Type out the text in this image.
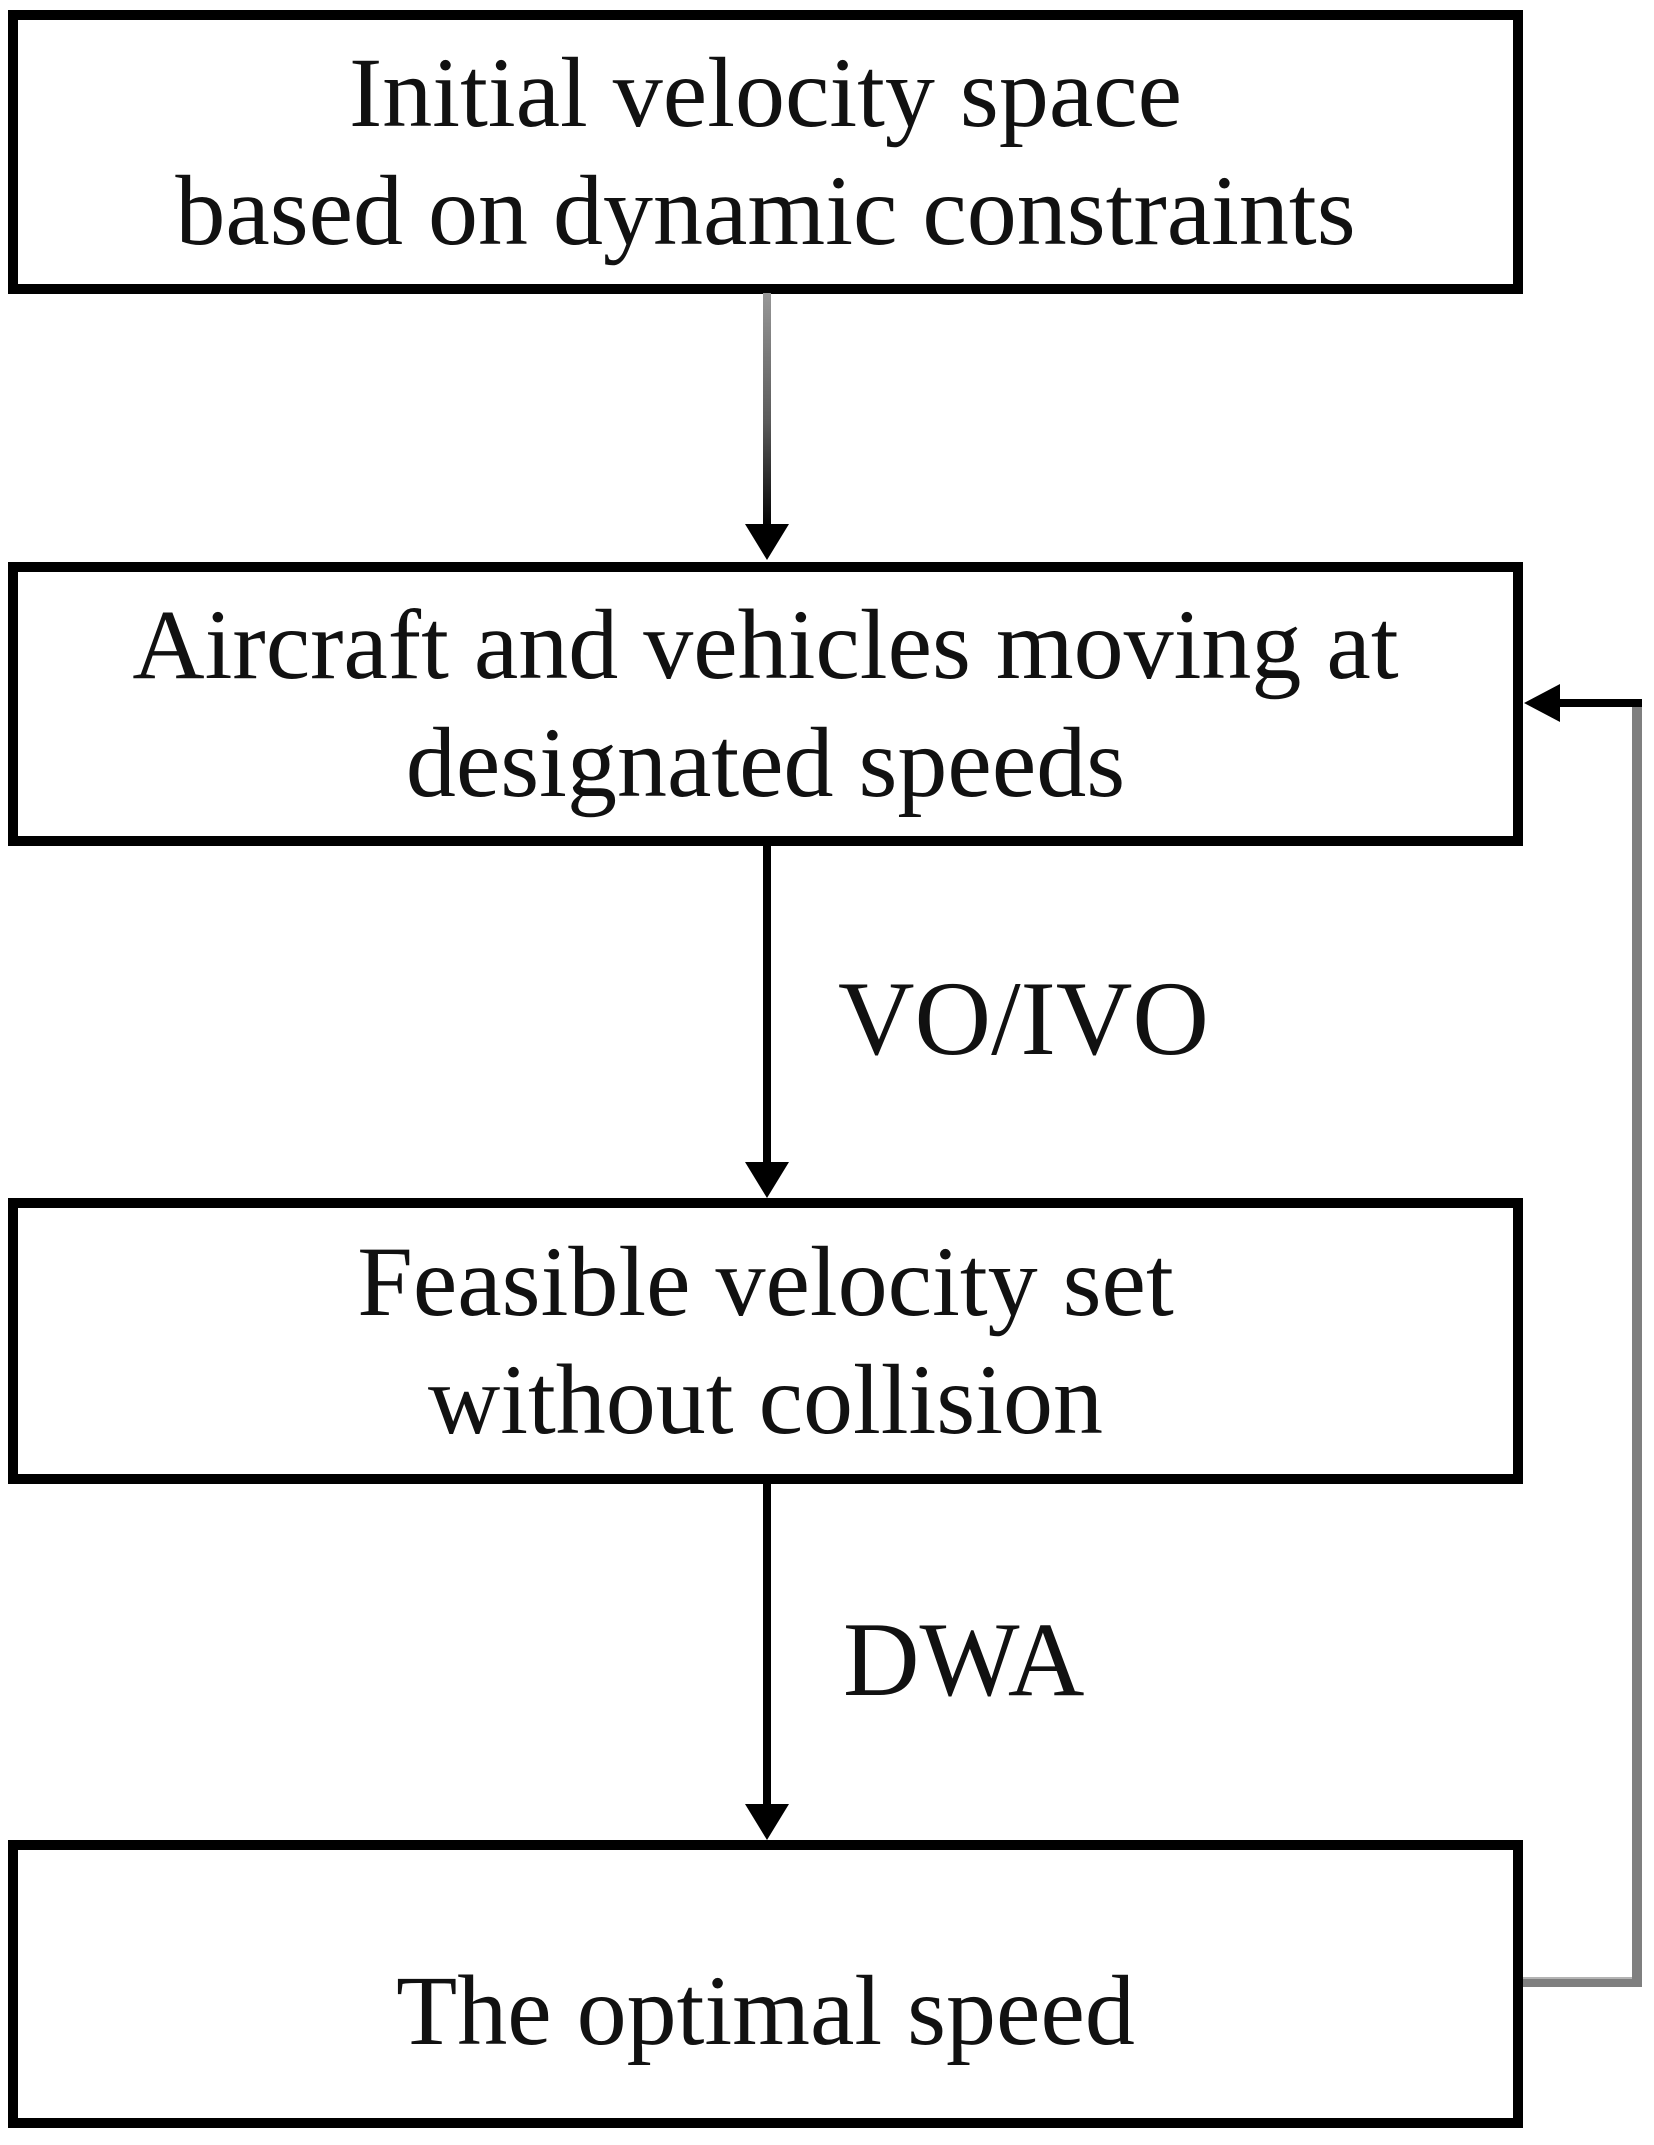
Initial velocity space
based on dynamic constraints
Aircraft and vehicles moving at
designated speeds
VO/IVO
Feasible velocity set
without collision
DWA
The optimal speed
